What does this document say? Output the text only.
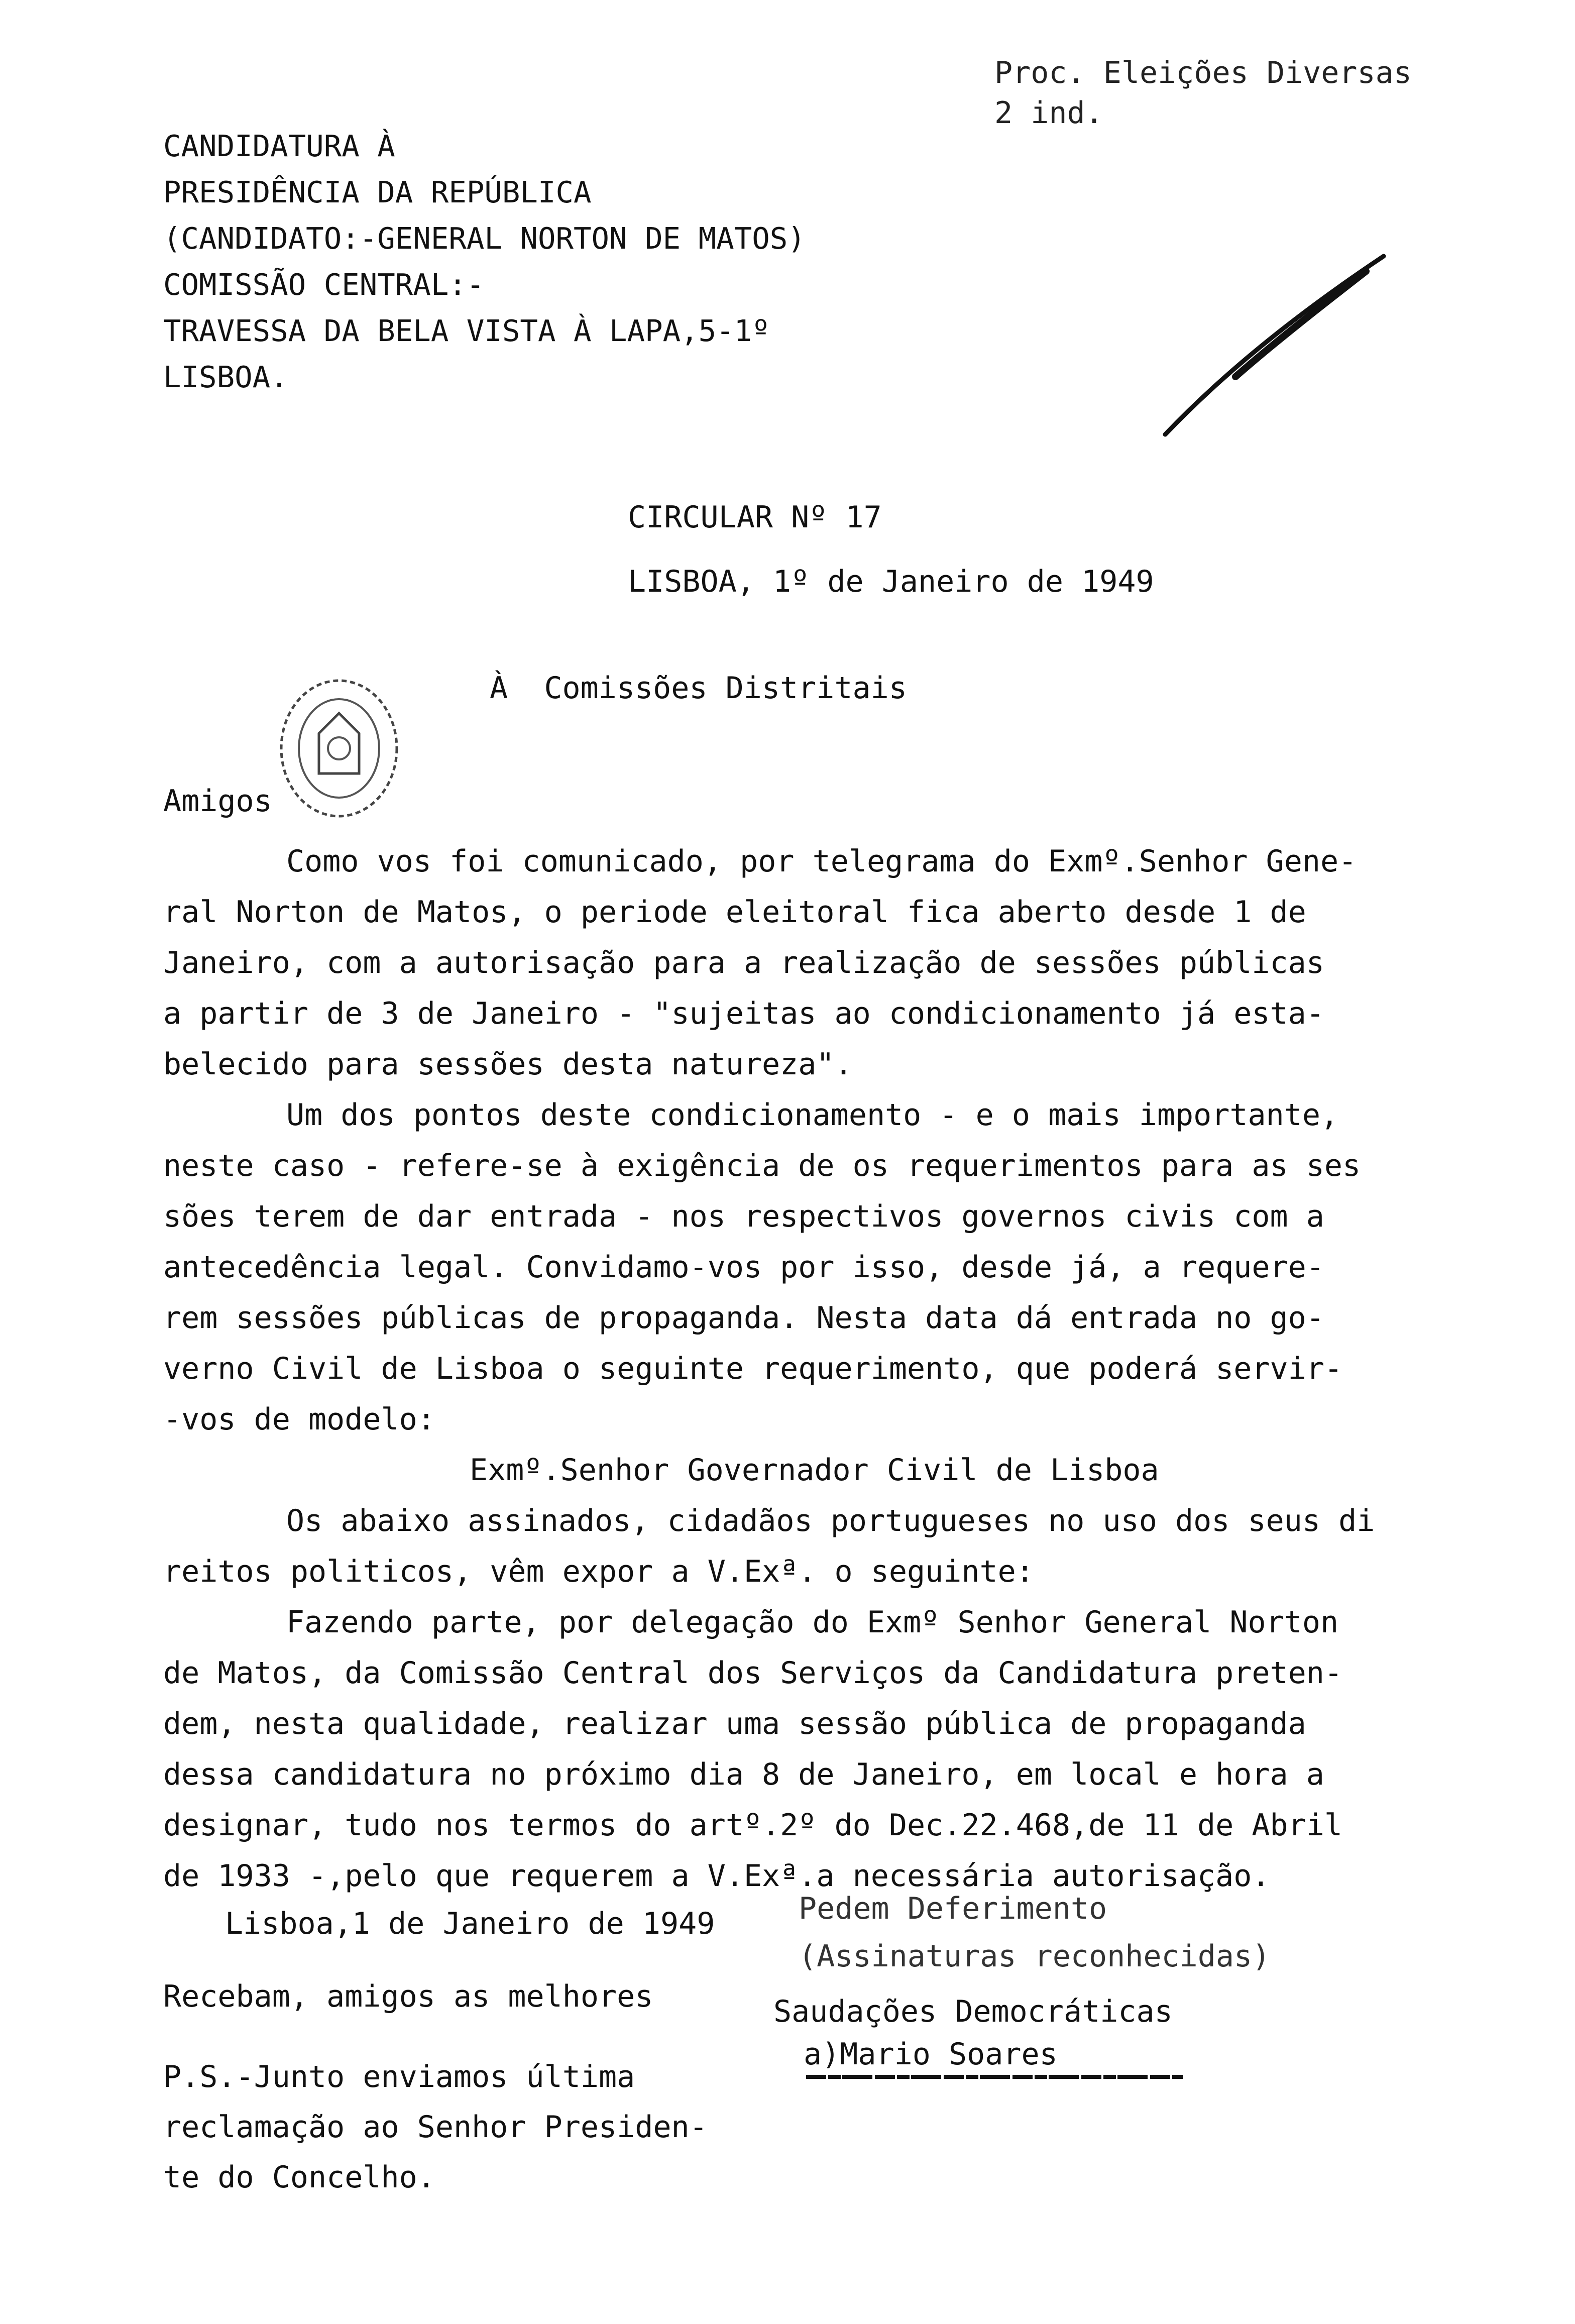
Proc. Eleições Diversas
2 ind.
CANDIDATURA À
PRESIDÊNCIA DA REPÚBLICA
(CANDIDATO:-GENERAL NORTON DE MATOS)
COMISSÃO CENTRAL:-
TRAVESSA DA BELA VISTA À LAPA,5-1º
LISBOA.
CIRCULAR Nº 17
LISBOA, 1º de Janeiro de 1949
À  Comissões Distritais
Amigos
Como vos foi comunicado, por telegrama do Exmº.Senhor Gene-
ral Norton de Matos, o periode eleitoral fica aberto desde 1 de
Janeiro, com a autorisação para a realização de sessões públicas
a partir de 3 de Janeiro - "sujeitas ao condicionamento já esta-
belecido para sessões desta natureza".
Um dos pontos deste condicionamento - e o mais importante,
neste caso - refere-se à exigência de os requerimentos para as ses
sões terem de dar entrada - nos respectivos governos civis com a
antecedência legal. Convidamo-vos por isso, desde já, a requere-
rem sessões públicas de propaganda. Nesta data dá entrada no go-
verno Civil de Lisboa o seguinte requerimento, que poderá servir-
-vos de modelo:
Exmº.Senhor Governador Civil de Lisboa
Os abaixo assinados, cidadãos portugueses no uso dos seus di
reitos politicos, vêm expor a V.Exª. o seguinte:
Fazendo parte, por delegação do Exmº Senhor General Norton
de Matos, da Comissão Central dos Serviços da Candidatura preten-
dem, nesta qualidade, realizar uma sessão pública de propaganda
dessa candidatura no próximo dia 8 de Janeiro, em local e hora a
designar, tudo nos termos do artº.2º do Dec.22.468,de 11 de Abril
de 1933 -,pelo que requerem a V.Exª.a necessária autorisação.
Lisboa,1 de Janeiro de 1949	Pedem Deferimento
(Assinaturas reconhecidas)
Recebam, amigos as melhores	Saudações Democráticas
a)Mario Soares
P.S.-Junto enviamos última
reclamação ao Senhor Presiden-
te do Concelho.
